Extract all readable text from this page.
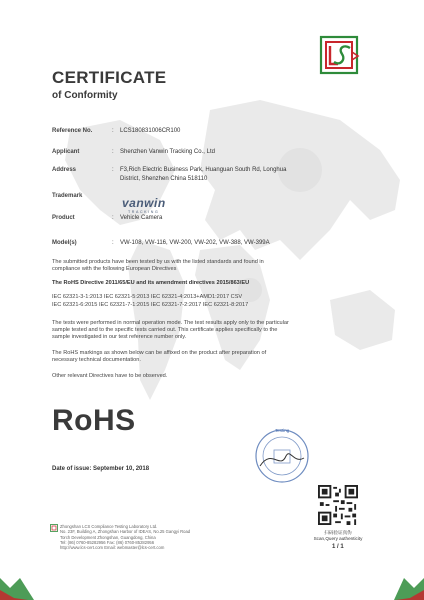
CERTIFICATE
of Conformity
Reference No.	: LCS180831006CR100
Applicant	: Shenzhen Vanwin Tracking Co., Ltd
Address	: F3,Rich Electric Business Park, Huanguan South Rd, Longhua
District, Shenzhen China 518110
Trademark	vanwin
TRACKING
Product	: Vehicle Camera
Model(s)	: VW-108, VW-116, VW-200, VW-202, VW-388, VW-399A
The submitted products have been tested by us with the listed standards and found in
compliance with the following European Directives
The RoHS Directive 2011/65/EU and its amendment directives 2015/863/EU
IEC 62321-3-1:2013 IEC 62321-5:2013 IEC 62321-4:2013+AMD1:2017 CSV
IEC 62321-6:2015 IEC 62321-7-1:2015 IEC 62321-7-2:2017 IEC 62321-8:2017
The tests were performed in normal operation mode. The test results apply only to the particular
sample tested and to the specific tests carried out. This certificate applies specifically to the
sample investigated in our test reference number only.
The RoHS markings as shown below can be affixed on the product after preparation of
necessary technical documentation.
Other relevant Directives have to be observed.
RoHS	Testing
Date of issue: September 10, 2018
Zhongshan LCS Compliance Testing Laboratory Ltd.
No. 23F, Building A, Zhongshan Harbor of IDEAS, No.25 Gangyi Road
Torch Development Zhongshan, Guangdong, China
Tel: (86) 0760-85282956 Fax: (86) 0760-85282956
http://www.lcs-cert.com Email: webmaster@lcs-cert.com
扫码验证真伪
Scan,Query authenticity
1 / 1
